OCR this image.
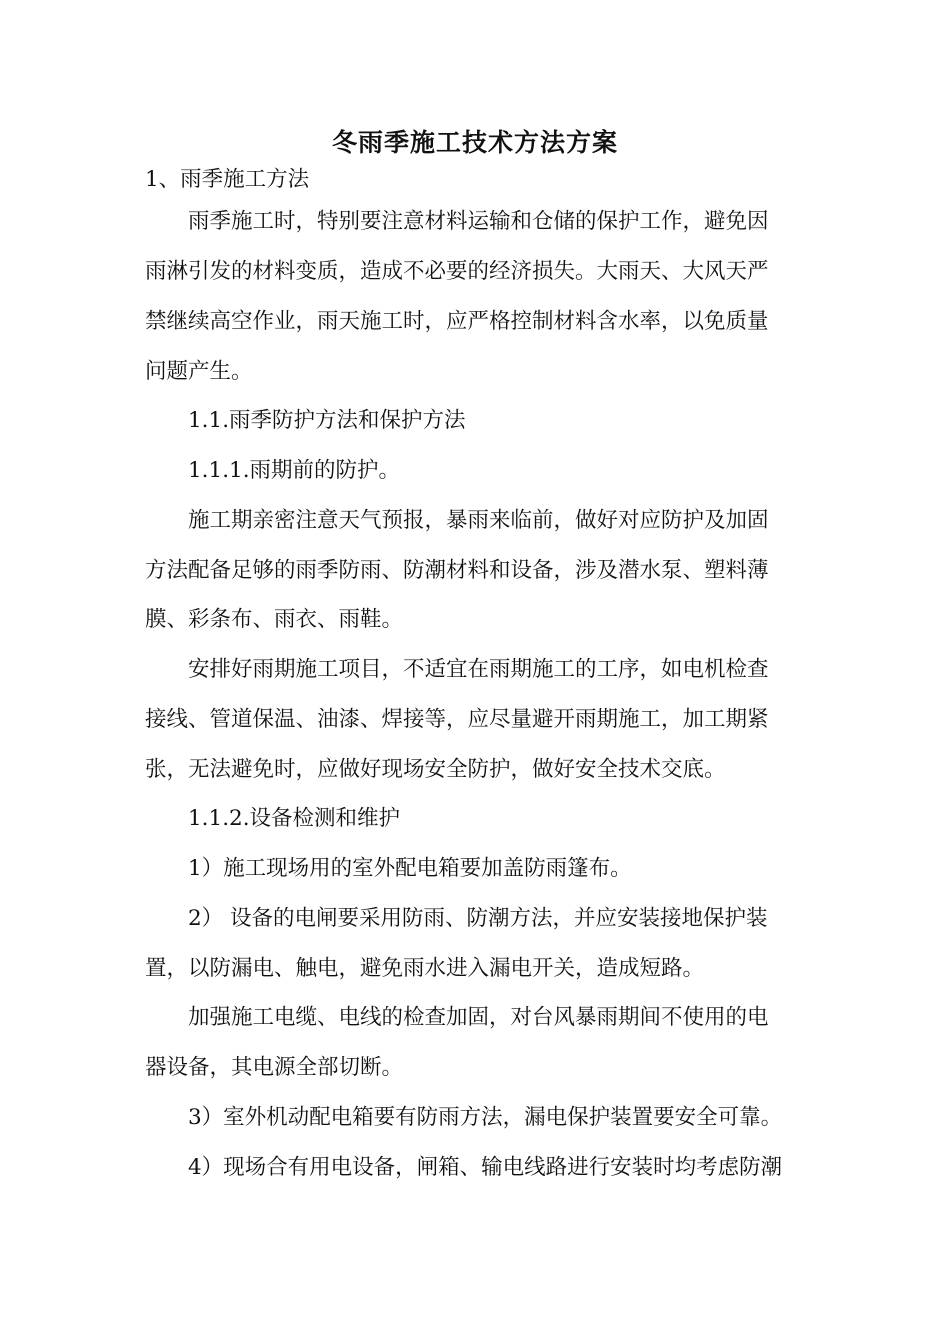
冬雨季施工技术方法方案
1、雨季施工方法
雨季施工时，特别要注意材料运输和仓储的保护工作，避免因
雨淋引发的材料变质，造成不必要的经济损失。大雨天、大风天严
禁继续高空作业，雨天施工时，应严格控制材料含水率，以免质量
问题产生。
1.1.雨季防护方法和保护方法
1.1.1.雨期前的防护。
施工期亲密注意天气预报，暴雨来临前，做好对应防护及加固
方法配备足够的雨季防雨、防潮材料和设备，涉及潜水泵、塑料薄
膜、彩条布、雨衣、雨鞋。
安排好雨期施工项目，不适宜在雨期施工的工序，如电机检查
接线、管道保温、油漆、焊接等，应尽量避开雨期施工，加工期紧
张，无法避免时，应做好现场安全防护，做好安全技术交底。
1.1.2.设备检测和维护
1）施工现场用的室外配电箱要加盖防雨篷布。
2） 设备的电闸要采用防雨、防潮方法，并应安装接地保护装
置，以防漏电、触电，避免雨水进入漏电开关，造成短路。
加强施工电缆、电线的检查加固，对台风暴雨期间不使用的电
器设备，其电源全部切断。
3）室外机动配电箱要有防雨方法，漏电保护装置要安全可靠。
4）现场合有用电设备，闸箱、输电线路进行安装时均考虑防潮
